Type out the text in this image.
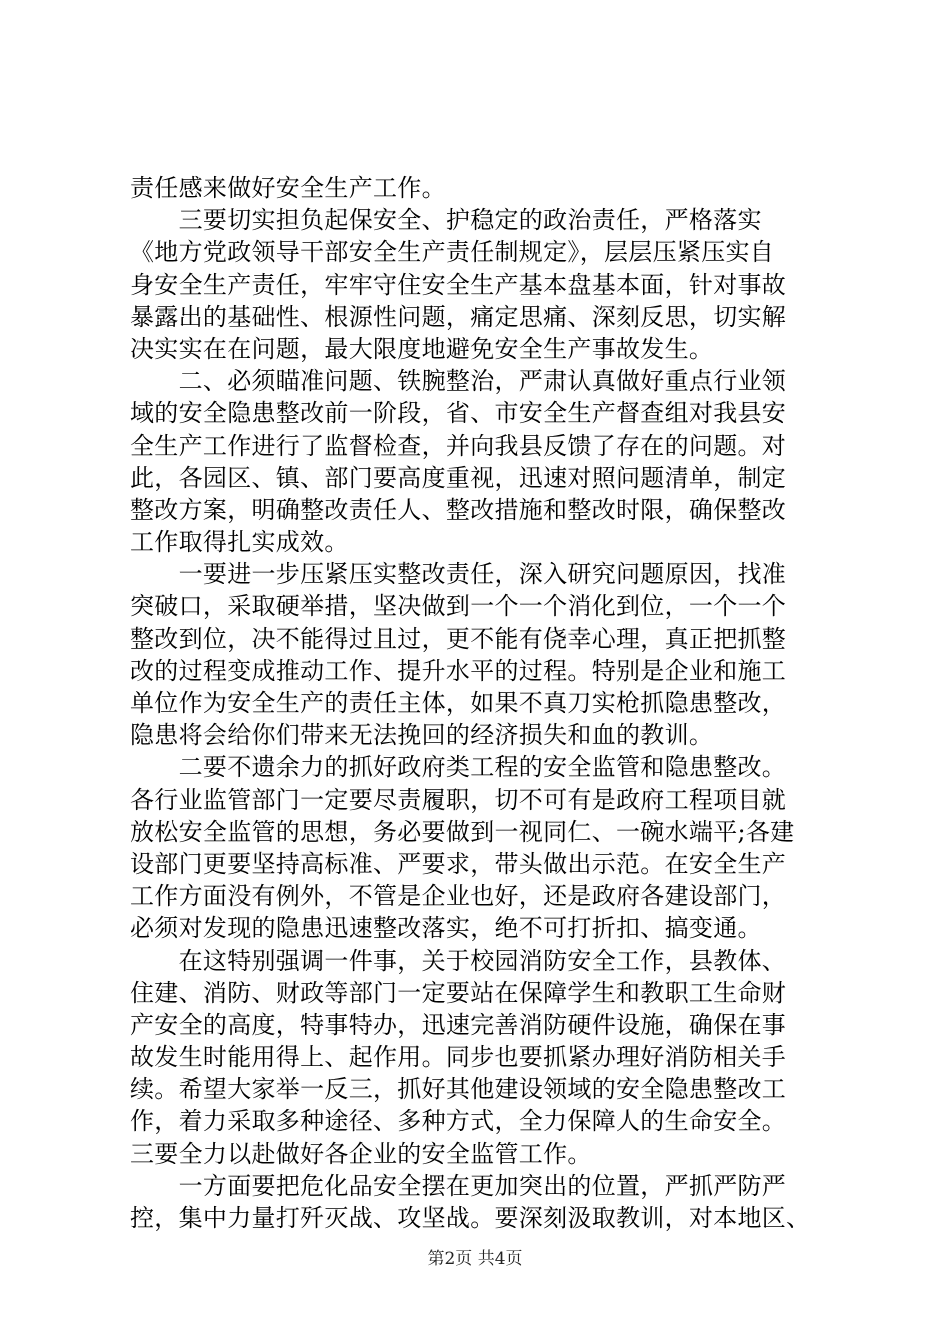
责任感来做好安全生产工作。
　　三要切实担负起保安全、护稳定的政治责任，严格落实
《地方党政领导干部安全生产责任制规定》，层层压紧压实自
身安全生产责任，牢牢守住安全生产基本盘基本面，针对事故
暴露出的基础性、根源性问题，痛定思痛、深刻反思，切实解
决实实在在问题，最大限度地避免安全生产事故发生。
　　二、必须瞄准问题、铁腕整治，严肃认真做好重点行业领
域的安全隐患整改前一阶段，省、市安全生产督查组对我县安
全生产工作进行了监督检查，并向我县反馈了存在的问题。对
此，各园区、镇、部门要高度重视，迅速对照问题清单，制定
整改方案，明确整改责任人、整改措施和整改时限，确保整改
工作取得扎实成效。
　　一要进一步压紧压实整改责任，深入研究问题原因，找准
突破口，采取硬举措，坚决做到一个一个消化到位，一个一个
整改到位，决不能得过且过，更不能有侥幸心理，真正把抓整
改的过程变成推动工作、提升水平的过程。特别是企业和施工
单位作为安全生产的责任主体，如果不真刀实枪抓隐患整改，
隐患将会给你们带来无法挽回的经济损失和血的教训。
　　二要不遗余力的抓好政府类工程的安全监管和隐患整改。
各行业监管部门一定要尽责履职，切不可有是政府工程项目就
放松安全监管的思想，务必要做到一视同仁、一碗水端平;各建
设部门更要坚持高标准、严要求，带头做出示范。在安全生产
工作方面没有例外，不管是企业也好，还是政府各建设部门，
必须对发现的隐患迅速整改落实，绝不可打折扣、搞变通。
　　在这特别强调一件事，关于校园消防安全工作，县教体、
住建、消防、财政等部门一定要站在保障学生和教职工生命财
产安全的高度，特事特办，迅速完善消防硬件设施，确保在事
故发生时能用得上、起作用。同步也要抓紧办理好消防相关手
续。希望大家举一反三，抓好其他建设领域的安全隐患整改工
作，着力采取多种途径、多种方式，全力保障人的生命安全。
三要全力以赴做好各企业的安全监管工作。
　　一方面要把危化品安全摆在更加突出的位置，严抓严防严
控，集中力量打歼灭战、攻坚战。要深刻汲取教训，对本地区、
第2页 共4页
